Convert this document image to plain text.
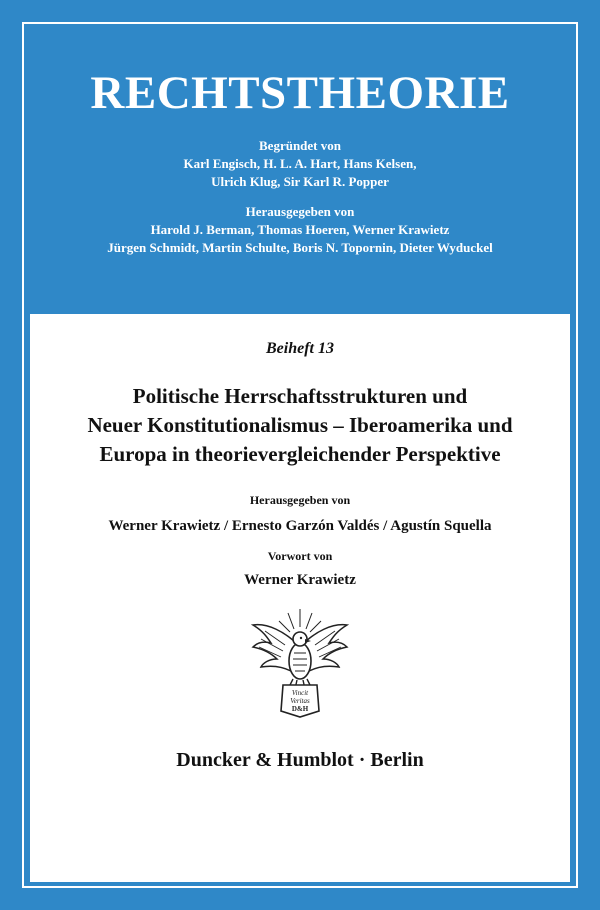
RECHTSTHEORIE
Begründet von
Karl Engisch, H. L. A. Hart, Hans Kelsen,
Ulrich Klug, Sir Karl R. Popper
Herausgegeben von
Harold J. Berman, Thomas Hoeren, Werner Krawietz
Jürgen Schmidt, Martin Schulte, Boris N. Topornin, Dieter Wyduckel
Beiheft 13
Politische Herrschaftsstrukturen und
Neuer Konstitutionalismus – Iberoamerika und
Europa in theorievergleichender Perspektive
Herausgegeben von
Werner Krawietz / Ernesto Garzón Valdés / Agustín Squella
Vorwort von
Werner Krawietz
Vincit
Veritas
D&H
Duncker & Humblot · Berlin
